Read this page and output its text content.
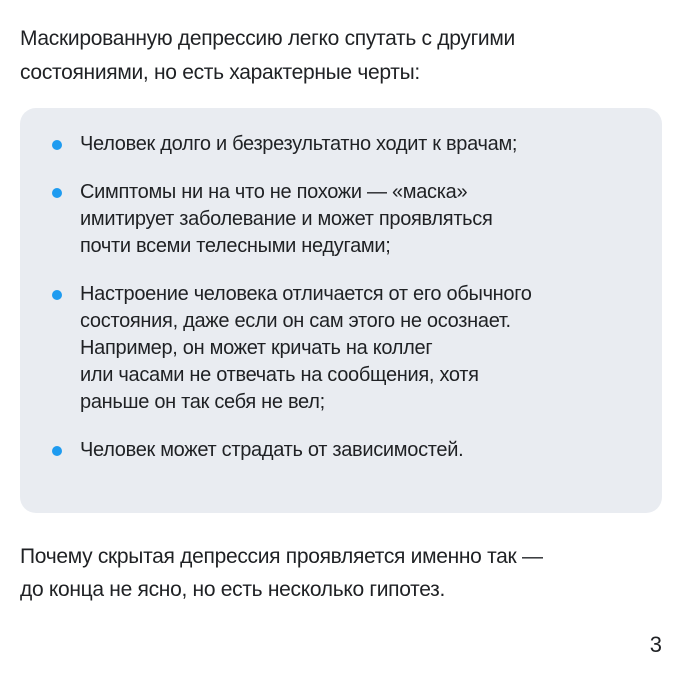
Маскированную депрессию легко спутать с другими
состояниями, но есть характерные черты:

Человек долго и безрезультатно ходит к врачам;
Симптомы ни на что не похожи — «маска»
имитирует заболевание и может проявляться
почти всеми телесными недугами;
Настроение человека отличается от его обычного
состояния, даже если он сам этого не осознает.
Например, он может кричать на коллег
или часами не отвечать на сообщения, хотя
раньше он так себя не вел;
Человек может страдать от зависимостей.

Почему скрытая депрессия проявляется именно так —
до конца не ясно, но есть несколько гипотез.

3
